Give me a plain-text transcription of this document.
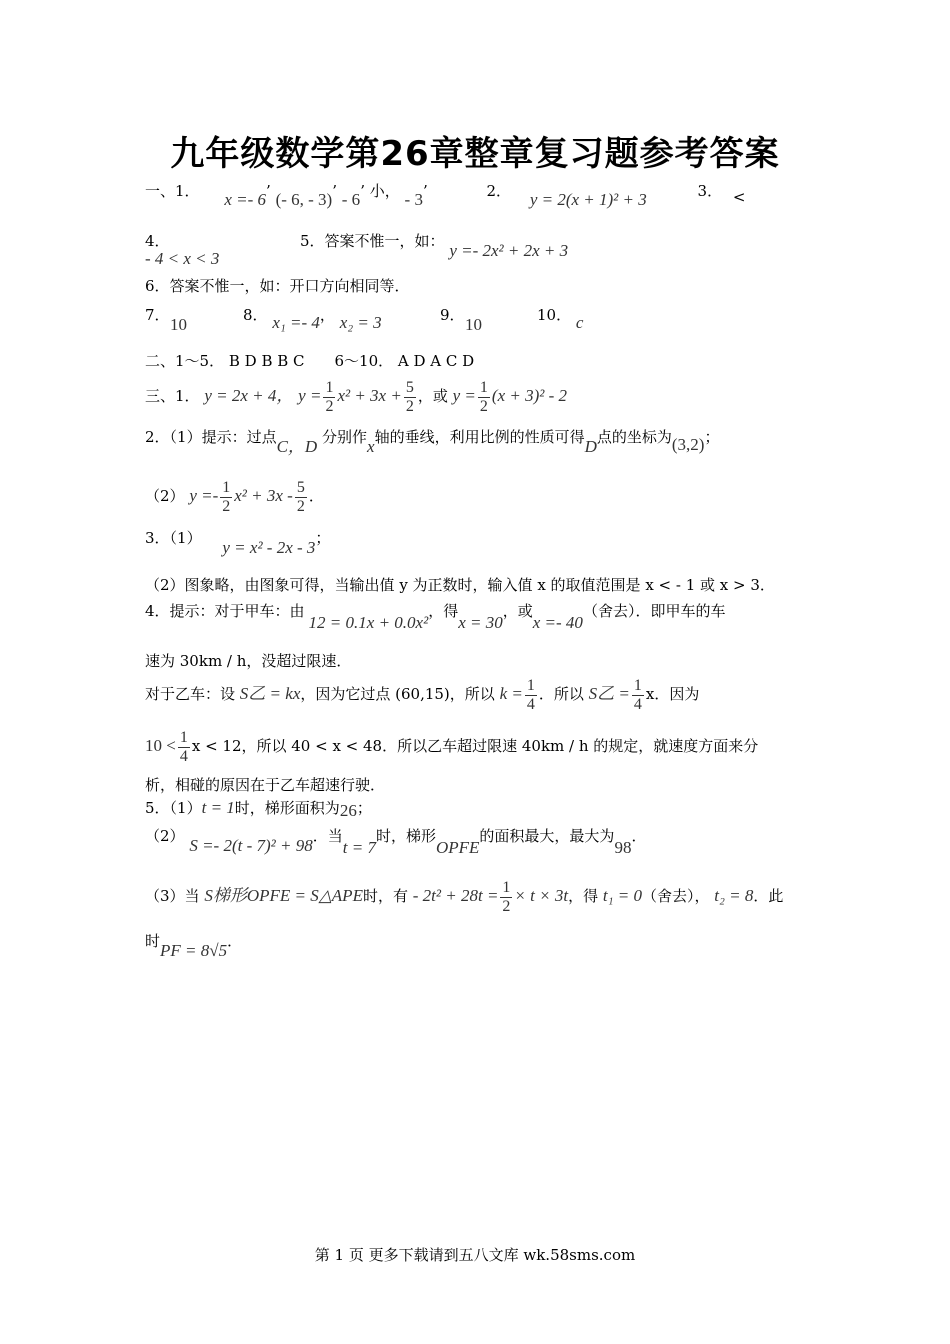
九年级数学第26章整章复习题参考答案
一、1． x =- 6’ (- 6, - 3)’ - 6’ 小， - 3’	2． y = 2(x + 1)² + 3	3． <
4．
- 4 < x < 3
5．答案不惟一，如： y =- 2x² + 2x + 3
6．答案不惟一，如：开口方向相同等．
7． 10	8． x₁ =- 4， x₂ = 3	9．
10	10． c
二、1～5． B D B B C　　6～10． A D A C D
三、1． y = 2x + 4， $y = \frac{1}{2} x^2 + 3x + \frac{5}{2}$ ，或 $y = \frac{1}{2} (x + 3)^2 - 2$
2．（1）提示：过点C，D 分别作x轴的垂线，利用比例的性质可得D点的坐标为(3,2)；
（2） $y =- \frac{1}{2} x^2 + 3x - \frac{5}{2}$ ．
3．（1） y = x² - 2x - 3；
（2）图象略，由图象可得，当输出值 y 为正数时，输入值 x 的取值范围是 x < - 1 或 x > 3．
4．提示：对于甲车：由12 = 0.1x + 0.0x²，得x = 30，或x =- 40（舍去）．即甲车的车
速为 30km / h，没超过限速．
对于乙车：设 S乙 = kx，因为它过点 (60,15)，所以 $k = \frac{1}{4}$ ．所以 S乙 = $\frac{1}{4}$ x．因为
$10 < \frac{1}{4}$ x < 12，所以 40 < x < 48．所以乙车超过限速 40km / h 的规定，就速度方面来分
析，相碰的原因在于乙车超速行驶．
5．（1）t = 1时，梯形面积为26；
（2） S =- 2(t - 7)² + 98．当t = 7时，梯形OPFE的面积最大，最大为98．
（3）当 S梯形OPFE = S△APE时，有 - $2t^2 + 28t = \frac{1}{2} \times t \times 3t$，得 t₁ = 0（舍去）， t₂ = 8．此
时PF = 8√5．
第 1 页 更多下载请到五八文库 wk.58sms.com
